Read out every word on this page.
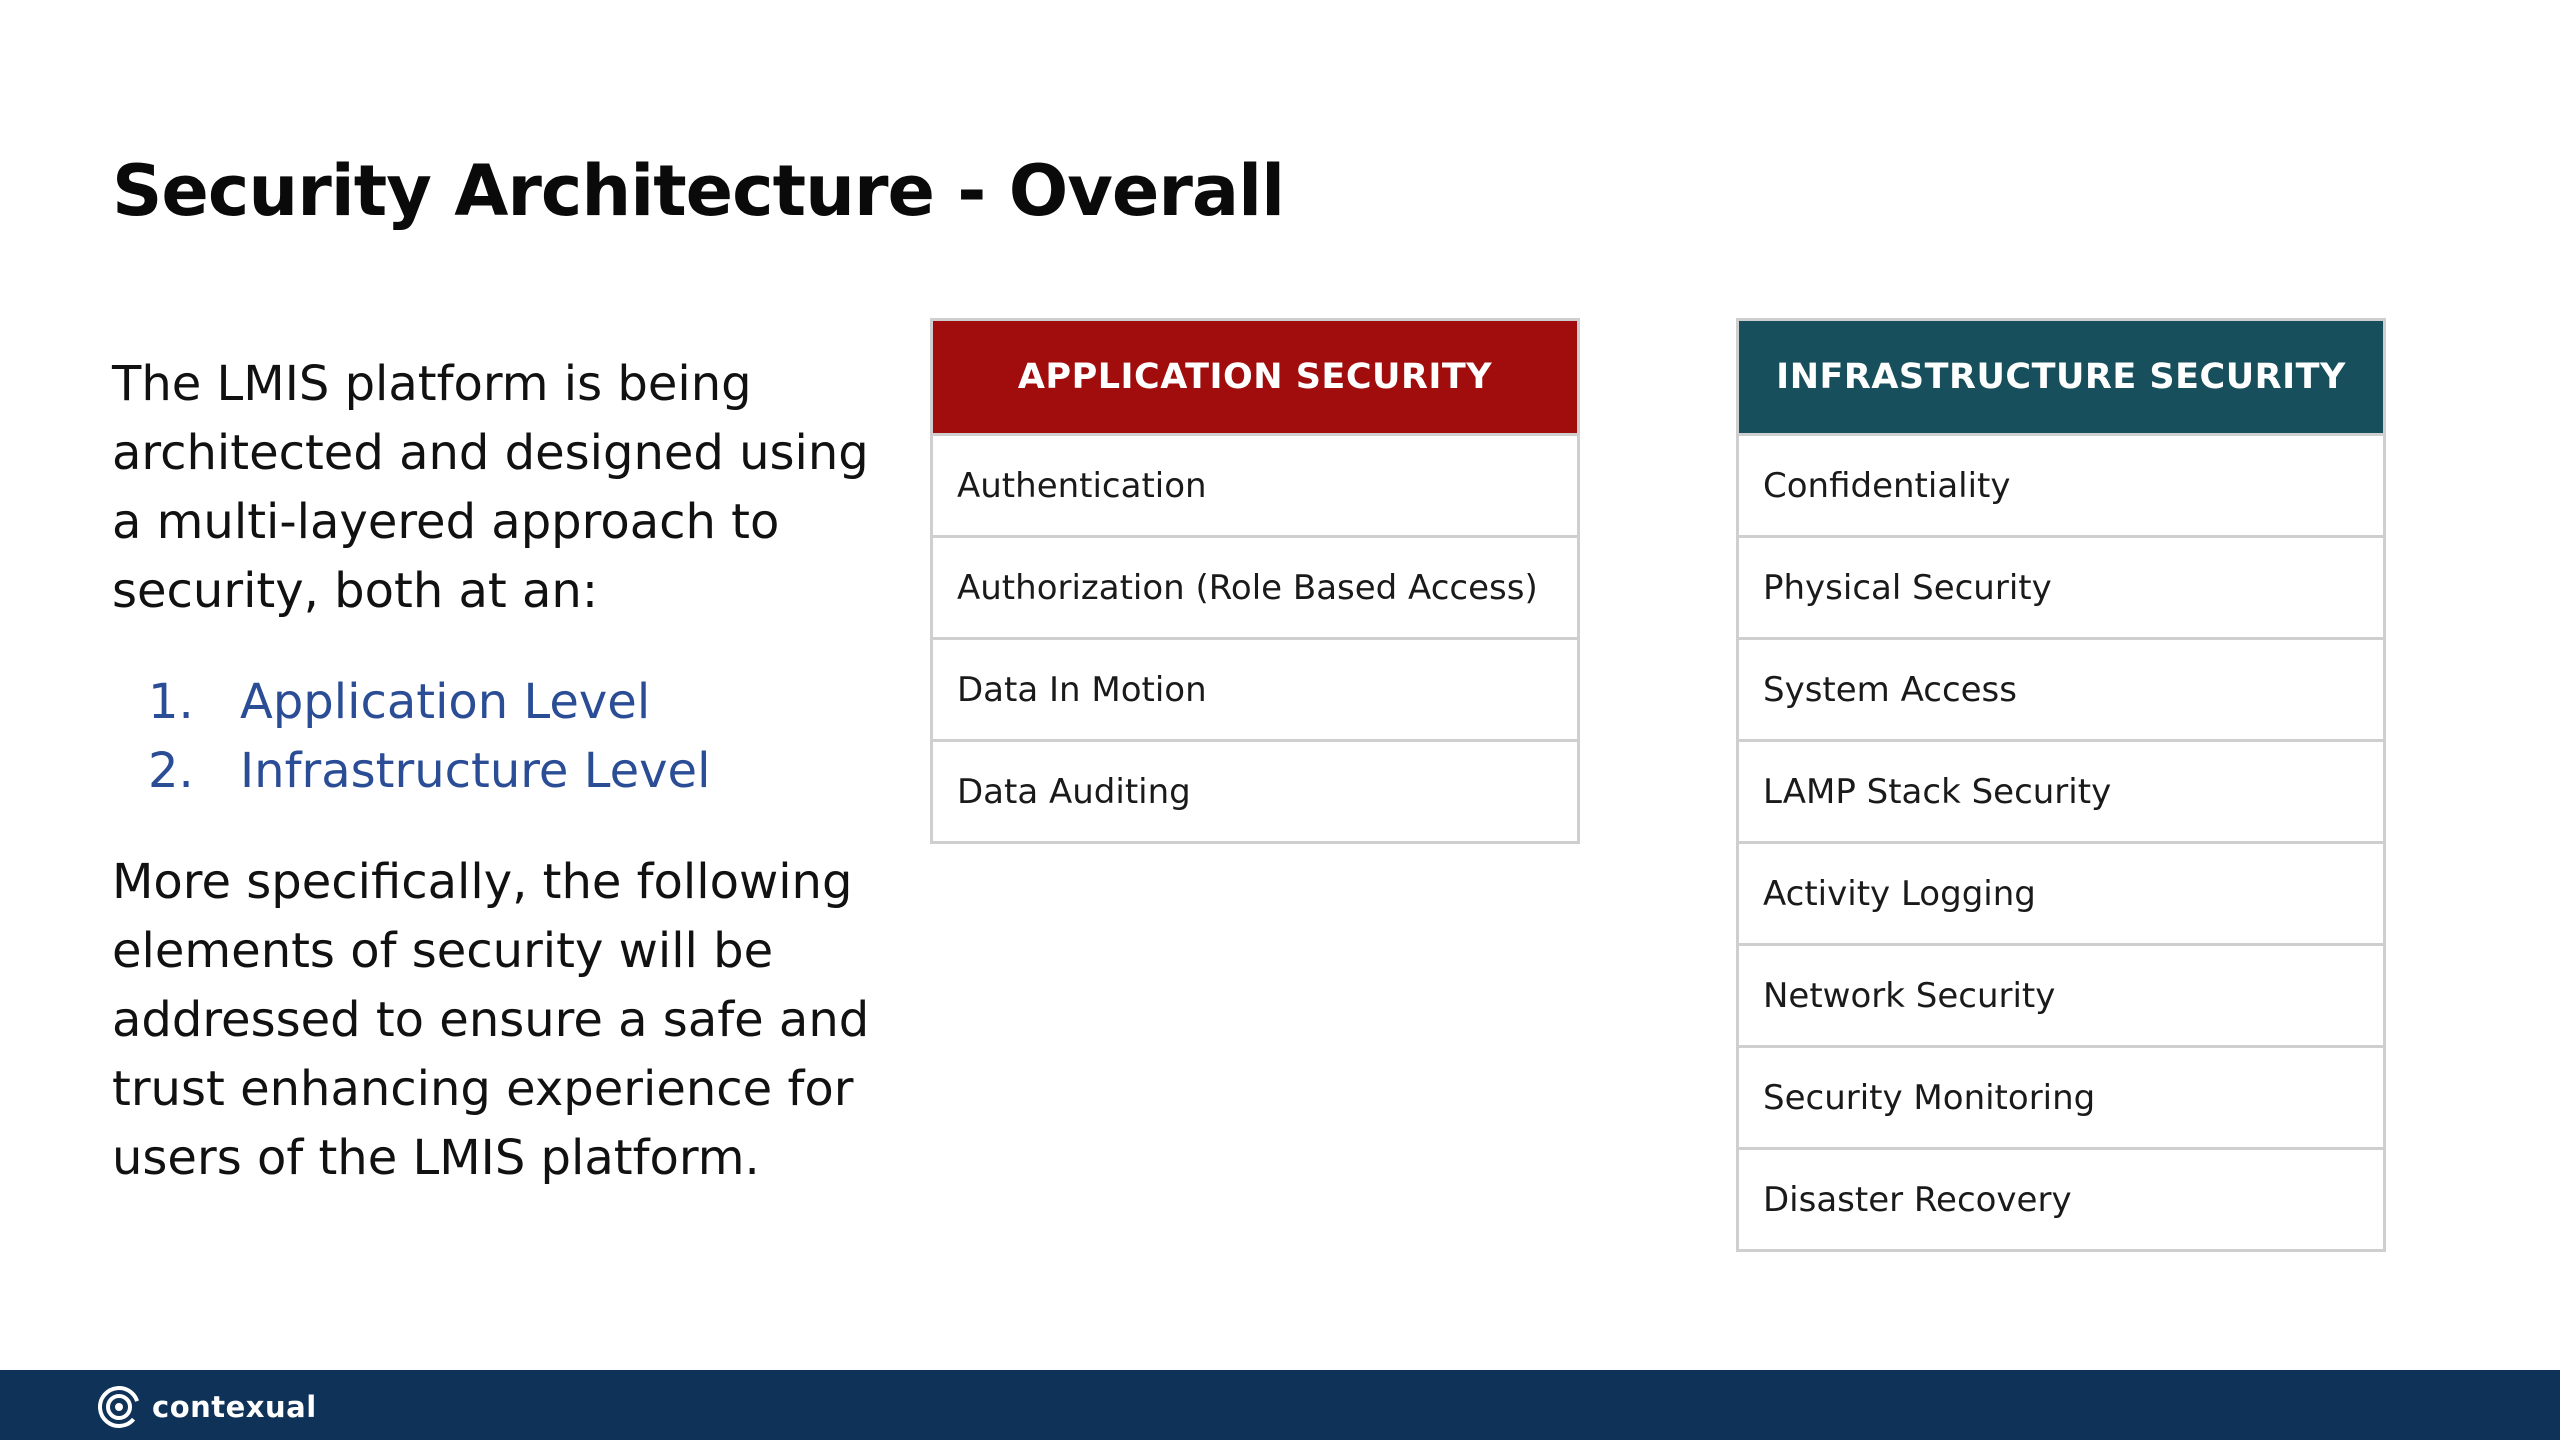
Security Architecture - Overall

The LMIS platform is being architected and designed using a multi-layered approach to security, both at an:

1. Application Level
2. Infrastructure Level

More specifically, the following elements of security will be addressed to ensure a safe and trust enhancing experience for users of the LMIS platform.

APPLICATION SECURITY
Authentication
Authorization (Role Based Access)
Data In Motion
Data Auditing
INFRASTRUCTURE SECURITY
Confidentiality
Physical Security
System Access
LAMP Stack Security
Activity Logging
Network Security
Security Monitoring
Disaster Recovery
contexual
